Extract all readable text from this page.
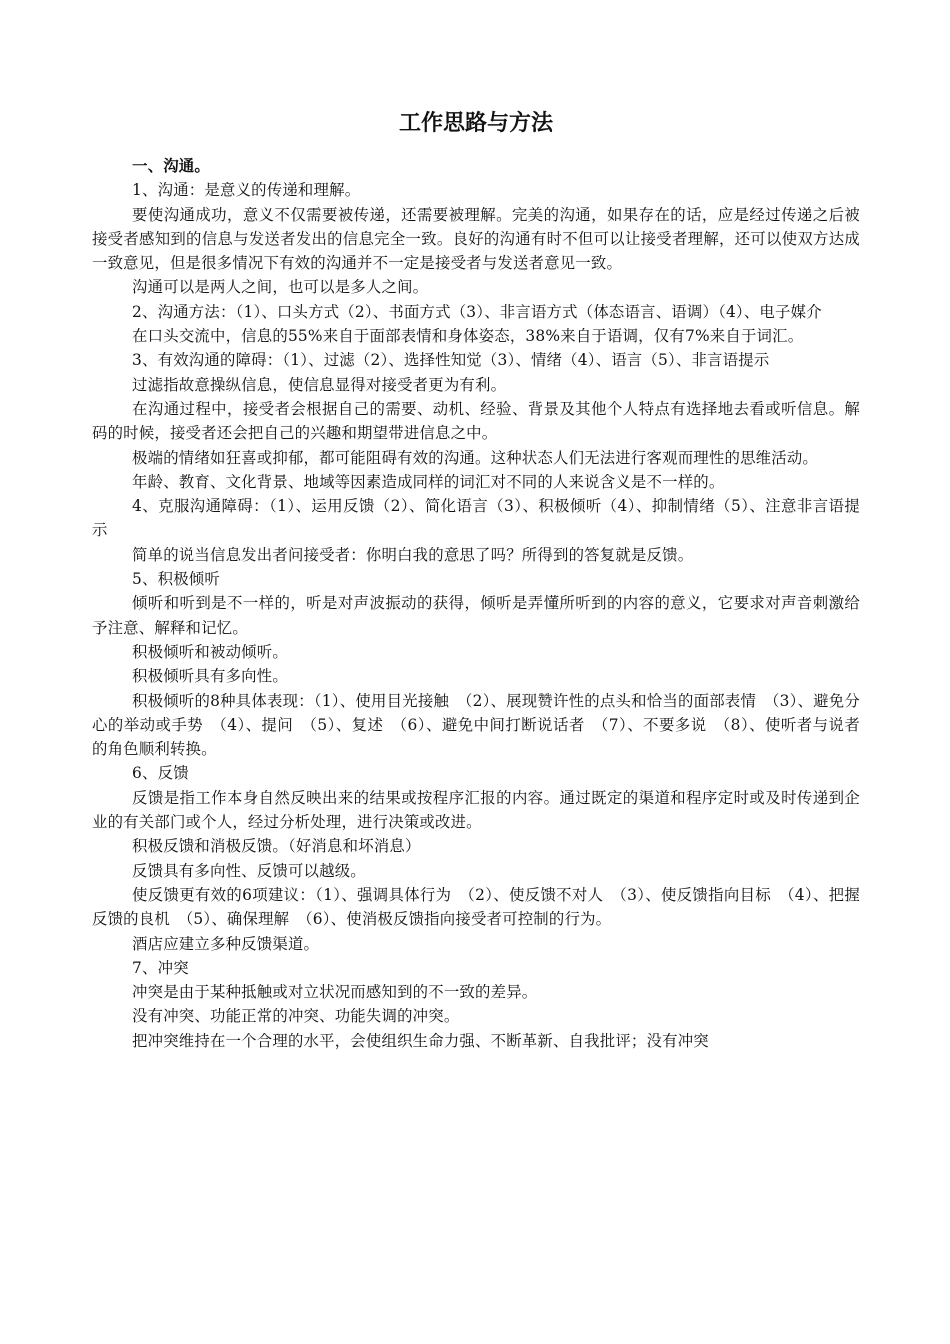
工作思路与方法

一、沟通。

1、沟通：是意义的传递和理解。

要使沟通成功，意义不仅需要被传递，还需要被理解。完美的沟通，如果存在的话，应是经过传递之后被接受者感知到的信息与发送者发出的信息完全一致。良好的沟通有时不但可以让接受者理解，还可以使双方达成一致意见，但是很多情况下有效的沟通并不一定是接受者与发送者意见一致。

沟通可以是两人之间，也可以是多人之间。

2、沟通方法：（1）、口头方式（2）、书面方式（3）、非言语方式（体态语言、语调）（4）、电子媒介

在口头交流中，信息的55%来自于面部表情和身体姿态，38%来自于语调，仅有7%来自于词汇。

3、有效沟通的障碍：（1）、过滤（2）、选择性知觉（3）、情绪（4）、语言（5）、非言语提示

过滤指故意操纵信息，使信息显得对接受者更为有利。

在沟通过程中，接受者会根据自己的需要、动机、经验、背景及其他个人特点有选择地去看或听信息。解码的时候，接受者还会把自己的兴趣和期望带进信息之中。

极端的情绪如狂喜或抑郁，都可能阻碍有效的沟通。这种状态人们无法进行客观而理性的思维活动。

年龄、教育、文化背景、地域等因素造成同样的词汇对不同的人来说含义是不一样的。

4、克服沟通障碍：（1）、运用反馈（2）、简化语言（3）、积极倾听（4）、抑制情绪（5）、注意非言语提示

简单的说当信息发出者问接受者：你明白我的意思了吗？所得到的答复就是反馈。

5、积极倾听

倾听和听到是不一样的，听是对声波振动的获得，倾听是弄懂所听到的内容的意义，它要求对声音刺激给予注意、解释和记忆。

积极倾听和被动倾听。

积极倾听具有多向性。

积极倾听的8种具体表现：（1）、使用目光接触　（2）、展现赞许性的点头和恰当的面部表情　（3）、避免分心的举动或手势　（4）、提问　（5）、复述　（6）、避免中间打断说话者　（7）、不要多说　（8）、使听者与说者的角色顺利转换。

6、反馈

反馈是指工作本身自然反映出来的结果或按程序汇报的内容。通过既定的渠道和程序定时或及时传递到企业的有关部门或个人，经过分析处理，进行决策或改进。

积极反馈和消极反馈。（好消息和坏消息）

反馈具有多向性、反馈可以越级。

使反馈更有效的6项建议：（1）、强调具体行为　（2）、使反馈不对人　（3）、使反馈指向目标　（4）、把握反馈的良机　（5）、确保理解　（6）、使消极反馈指向接受者可控制的行为。

酒店应建立多种反馈渠道。

7、冲突

冲突是由于某种抵触或对立状况而感知到的不一致的差异。

没有冲突、功能正常的冲突、功能失调的冲突。

把冲突维持在一个合理的水平，会使组织生命力强、不断革新、自我批评；没有冲突
